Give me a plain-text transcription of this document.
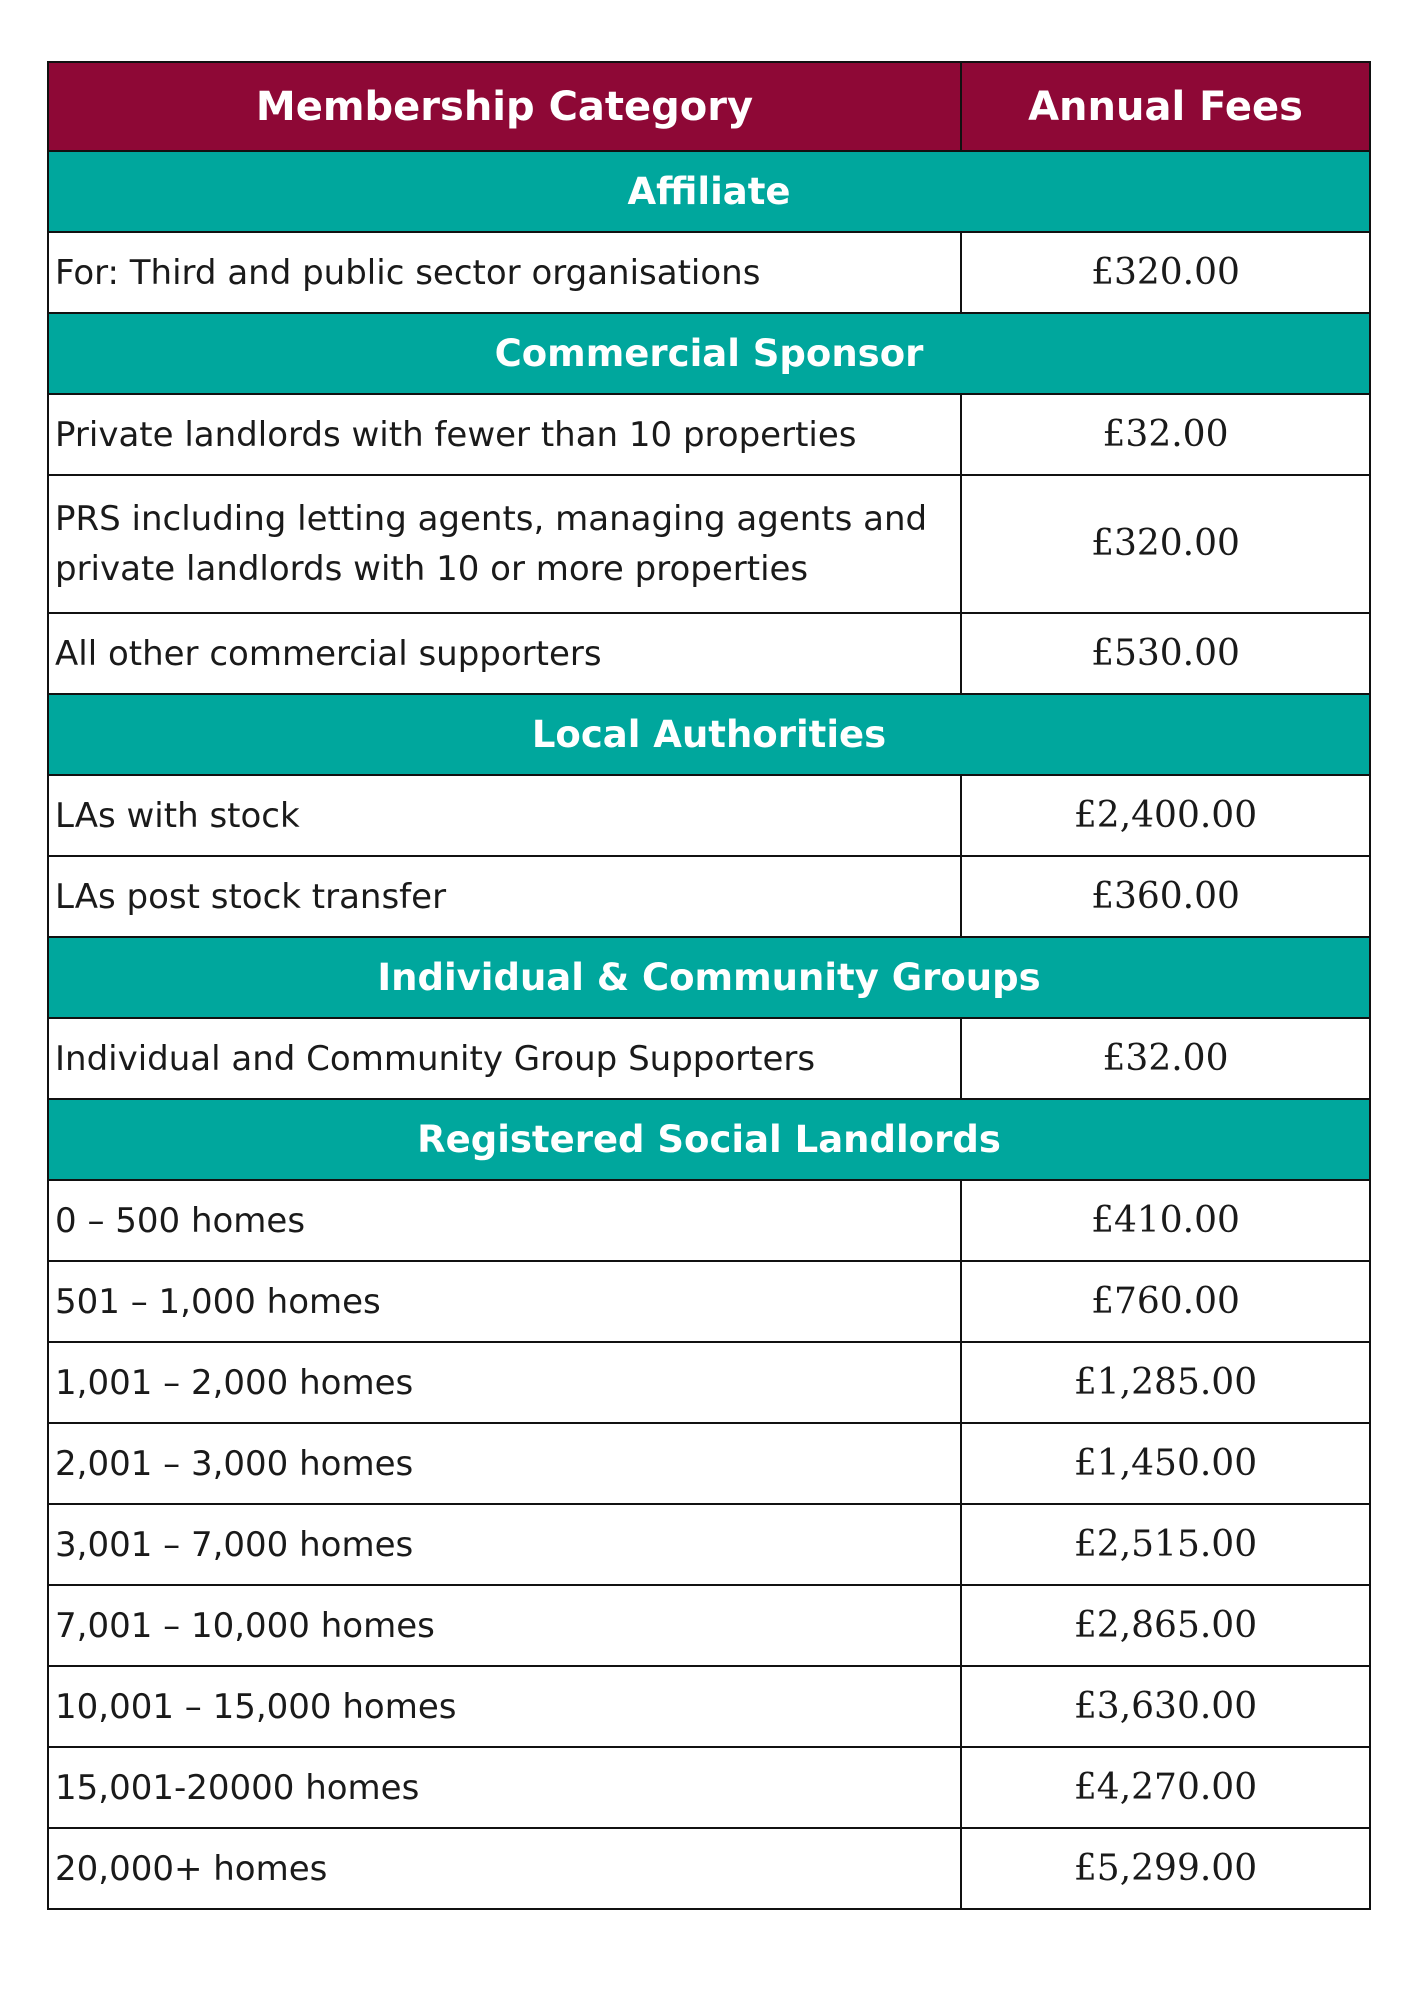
Membership Category	Annual Fees
Affiliate	
For: Third and public sector organisations	£320.00
Commercial Sponsor	
Private landlords with fewer than 10 properties	£32.00
PRS including letting agents, managing agents and private landlords with 10 or more properties	£320.00
All other commercial supporters	£530.00
Local Authorities	
LAs with stock	£2,400.00
LAs post stock transfer	£360.00
Individual & Community Groups	
Individual and Community Group Supporters	£32.00
Registered Social Landlords	
0 – 500 homes	£410.00
501 – 1,000 homes	£760.00
1,001 – 2,000 homes	£1,285.00
2,001 – 3,000 homes	£1,450.00
3,001 – 7,000 homes	£2,515.00
7,001 – 10,000 homes	£2,865.00
10,001 – 15,000 homes	£3,630.00
15,001-20000 homes	£4,270.00
20,000+ homes	£5,299.00
